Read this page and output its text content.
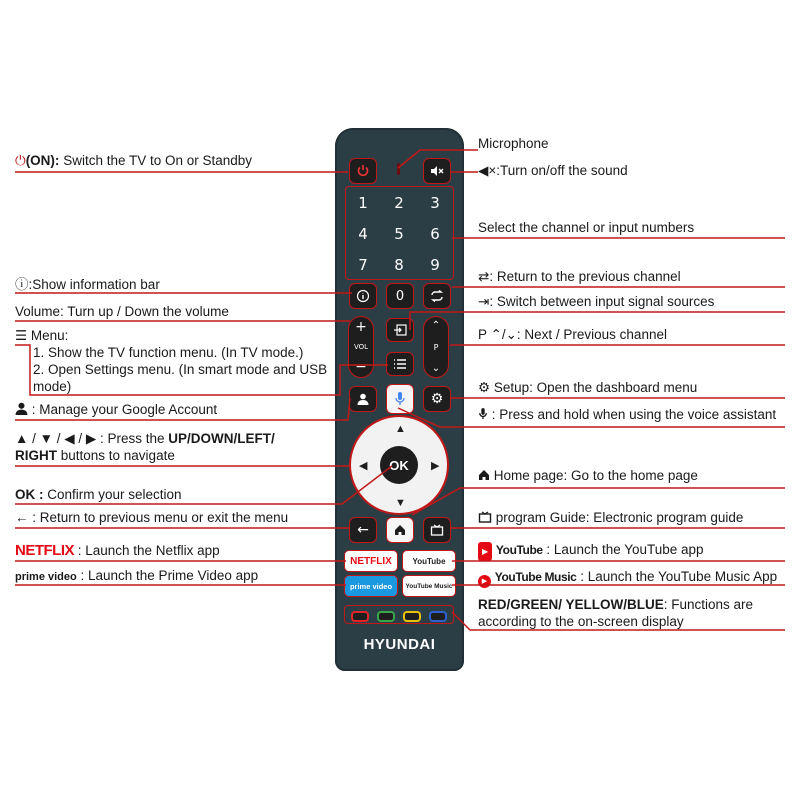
1	2	3
4	5	6
7	8	9
0
+
VOL
−
⌃
P
⌄
⚙
▲
▼
◀	▶
OK
←
NETFLIX	YouTube
prime video	YouTube Music
HYUNDAI
⏻(ON): Switch the TV to On or Standby
ⓘ:Show information bar
Volume: Turn up / Down the volume
☰ Menu:
1. Show the TV function menu. (In TV mode.)
2. Open Settings menu. (In smart mode and USB mode)
: Manage your Google Account
▲ / ▼ / ◀ / ▶ : Press the UP/DOWN/LEFT/
RIGHT buttons to navigate
OK : Confirm your selection
← : Return to previous menu or exit the menu
NETFLIX : Launch the Netflix app
prime video : Launch the Prime Video app
Microphone
◀×:Turn on/off the sound
Select the channel or input numbers
⇄: Return to the previous channel
⇥: Switch between input signal sources
P ⌃/⌄: Next / Previous channel
⚙ Setup: Open the dashboard menu
: Press and hold when using the voice assistant
Home page: Go to the home page
program Guide: Electronic program guide
▶ YouTube : Launch the YouTube app
▶ YouTube Music : Launch the YouTube Music App
RED/GREEN/ YELLOW/BLUE: Functions are according to the on-screen display
